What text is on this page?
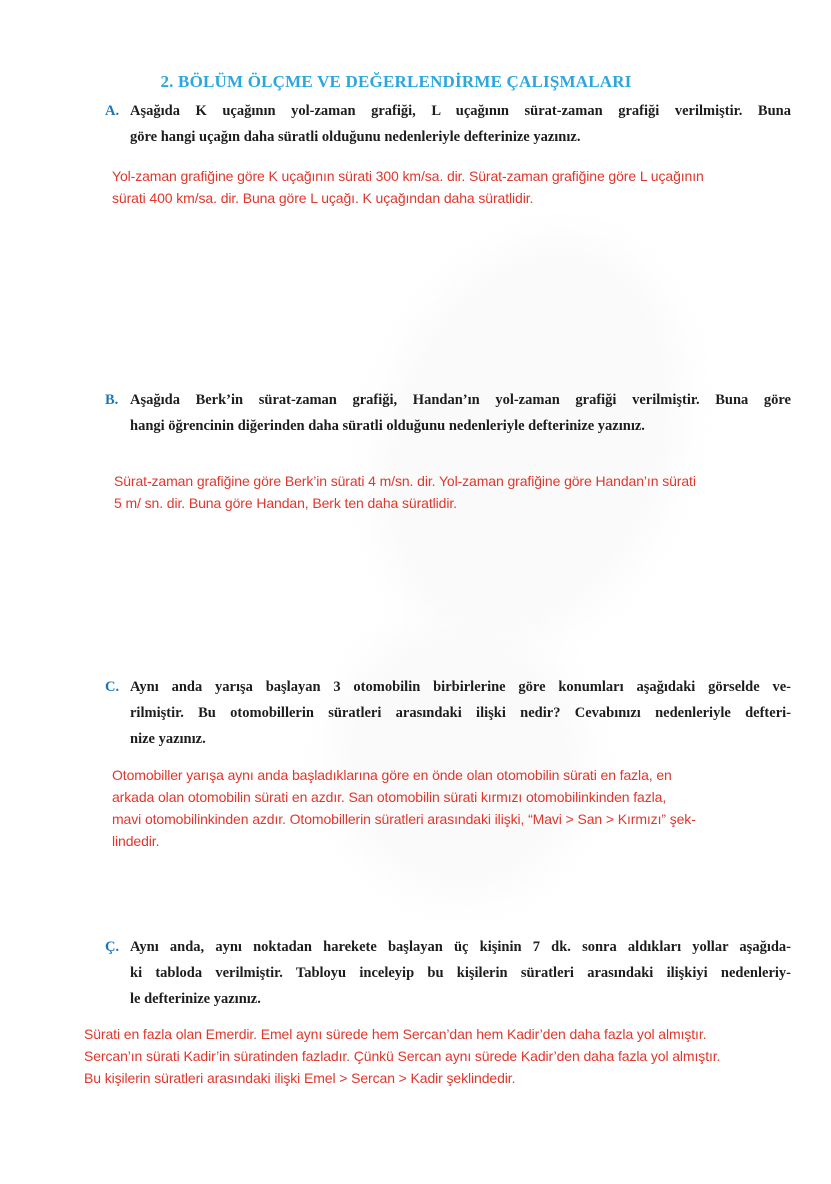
2. BÖLÜM ÖLÇME VE DEĞERLENDİRME ÇALIŞMALARI
A. Aşağıda K uçağının yol-zaman grafiği, L uçağının sürat-zaman grafiği verilmiştir. Buna
göre hangi uçağın daha süratli olduğunu nedenleriyle defterinize yazınız.
Yol-zaman grafiğine göre K uçağının sürati 300 km/sa. dir. Sürat-zaman grafiğine göre L uçağının
sürati 400 km/sa. dir. Buna göre L uçağı. K uçağından daha süratlidir.
B. Aşağıda Berk’in sürat-zaman grafiği, Handan’ın yol-zaman grafiği verilmiştir. Buna göre
hangi öğrencinin diğerinden daha süratli olduğunu nedenleriyle defterinize yazınız.
Sürat-zaman grafiğine göre Berk’in sürati 4 m/sn. dir. Yol-zaman grafiğine göre Handan’ın sürati
5 m/ sn. dir. Buna göre Handan, Berk ten daha süratlidir.
C. Aynı anda yarışa başlayan 3 otomobilin birbirlerine göre konumları aşağıdaki görselde ve-
rilmiştir. Bu otomobillerin süratleri arasındaki ilişki nedir? Cevabınızı nedenleriyle defteri-
nize yazınız.
Otomobiller yarışa aynı anda başladıklarına göre en önde olan otomobilin sürati en fazla, en
arkada olan otomobilin sürati en azdır. San otomobilin sürati kırmızı otomobilinkinden fazla,
mavi otomobilinkinden azdır. Otomobillerin süratleri arasındaki ilişki, “Mavi > San > Kırmızı” şek-
lindedir.
Ç. Aynı anda, aynı noktadan harekete başlayan üç kişinin 7 dk. sonra aldıkları yollar aşağıda-
ki tabloda verilmiştir. Tabloyu inceleyip bu kişilerin süratleri arasındaki ilişkiyi nedenleriy-
le defterinize yazınız.
Sürati en fazla olan Emerdir. Emel aynı sürede hem Sercan’dan hem Kadir’den daha fazla yol almıştır.
Sercan’ın sürati Kadir’in süratinden fazladır. Çünkü Sercan aynı sürede Kadir’den daha fazla yol almıştır.
Bu kişilerin süratleri arasındaki ilişki Emel > Sercan > Kadir şeklindedir.
